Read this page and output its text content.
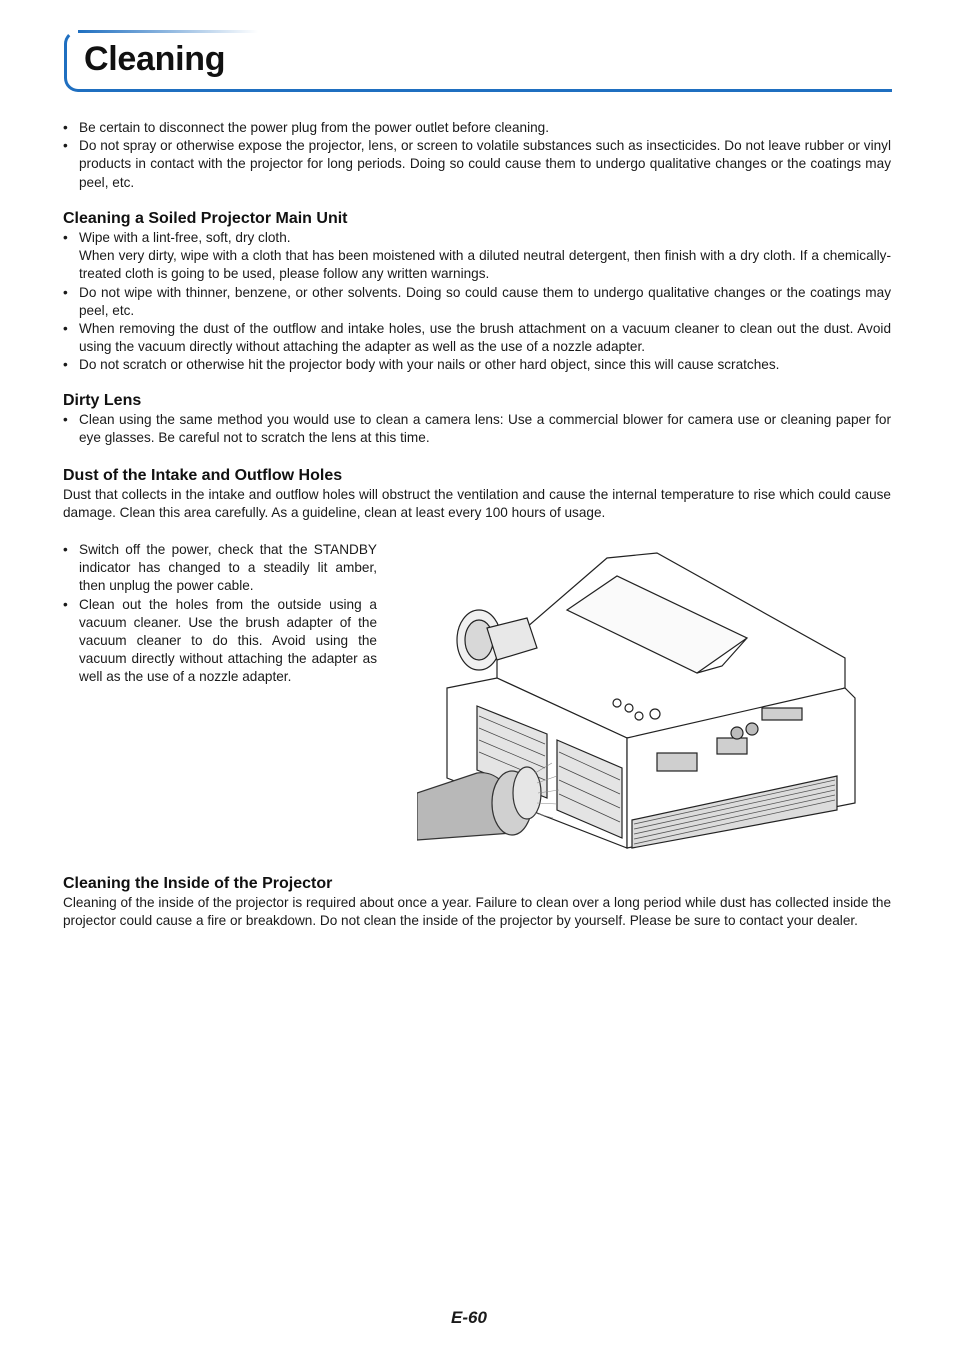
Cleaning
• Be certain to disconnect the power plug from the power outlet before cleaning.
• Do not spray or otherwise expose the projector, lens, or screen to volatile substances such as insecticides. Do not leave rubber or vinyl products in contact with the projector for long periods. Doing so could cause them to undergo qualitative changes or the coatings may peel, etc.
Cleaning a Soiled Projector Main Unit
• Wipe with a lint-free, soft, dry cloth.
When very dirty, wipe with a cloth that has been moistened with a diluted neutral detergent, then finish with a dry cloth. If a chemically-treated cloth is going to be used, please follow any written warnings.
• Do not wipe with thinner, benzene, or other solvents. Doing so could cause them to undergo qualitative changes or the coatings may peel, etc.
• When removing the dust of the outflow and intake holes, use the brush attachment on a vacuum cleaner to clean out the dust. Avoid using the vacuum directly without attaching the adapter as well as the use of a nozzle adapter.
• Do not scratch or otherwise hit the projector body with your nails or other hard object, since this will cause scratches.
Dirty Lens
• Clean using the same method you would use to clean a camera lens: Use a commercial blower for camera use or cleaning paper for eye glasses. Be careful not to scratch the lens at this time.
Dust of the Intake and Outflow Holes

Dust that collects in the intake and outflow holes will obstruct the ventilation and cause the internal temperature to rise which could cause damage. Clean this area carefully. As a guideline, clean at least every 100 hours of usage.

• Switch off the power, check that the STANDBY indicator has changed to a steadily lit amber, then unplug the power cable.
• Clean out the holes from the outside using a vacuum cleaner. Use the brush adapter of the vacuum cleaner to do this. Avoid using the vacuum directly without attaching the adapter as well as the use of a nozzle adapter.
Cleaning the Inside of the Projector

Cleaning of the inside of the projector is required about once a year. Failure to clean over a long period while dust has collected inside the projector could cause a fire or breakdown. Do not clean the inside of the projector by yourself. Please be sure to contact your dealer.

E-60
